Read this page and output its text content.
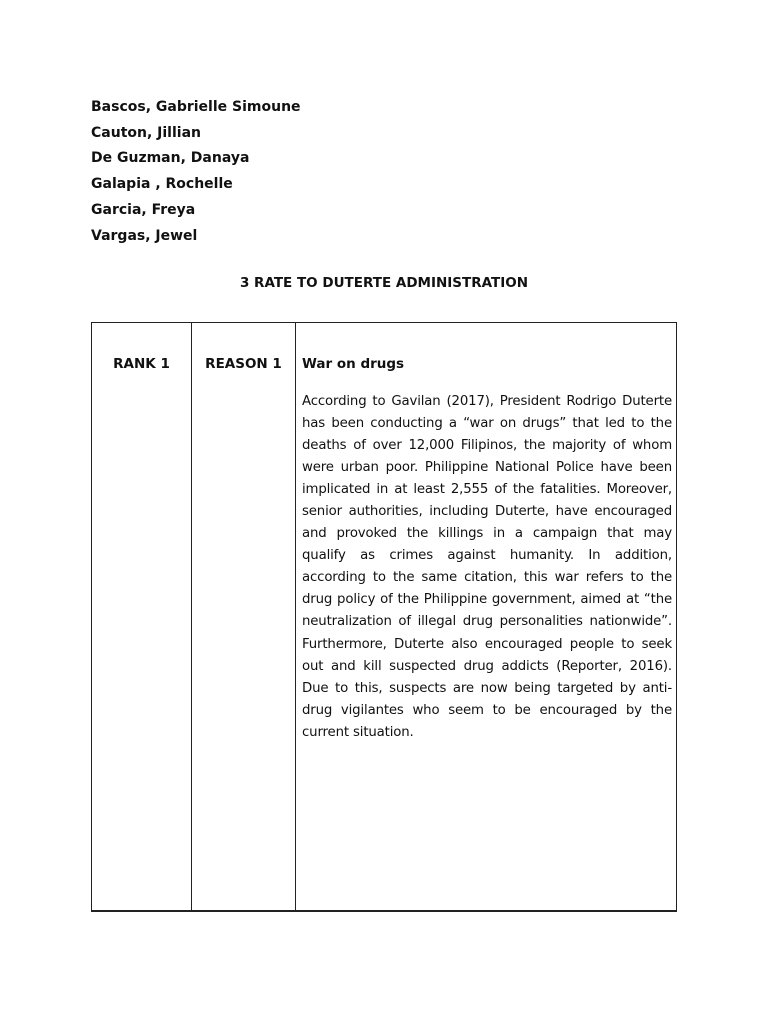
Bascos, Gabrielle Simoune
Cauton, Jillian
De Guzman, Danaya
Galapia , Rochelle
Garcia, Freya
Vargas, Jewel
3 RATE TO DUTERTE ADMINISTRATION
RANK 1	REASON 1	War on drugs

According to Gavilan (2017), President Rodrigo Duterte has been conducting a “war on drugs” that led to the deaths of over 12,000 Filipinos, the majority of whom were urban poor. Philippine National Police have been implicated in at least 2,555 of the fatalities. Moreover, senior authorities, including Duterte, have encouraged and provoked the killings in a campaign that may qualify as crimes against humanity. In addition, according to the same citation, this war refers to the drug policy of the Philippine government, aimed at “the neutralization of illegal drug personalities nationwide”. Furthermore, Duterte also encouraged people to seek out and kill suspected drug addicts (Reporter, 2016). Due to this, suspects are now being targeted by anti-drug vigilantes who seem to be encouraged by the current situation.
